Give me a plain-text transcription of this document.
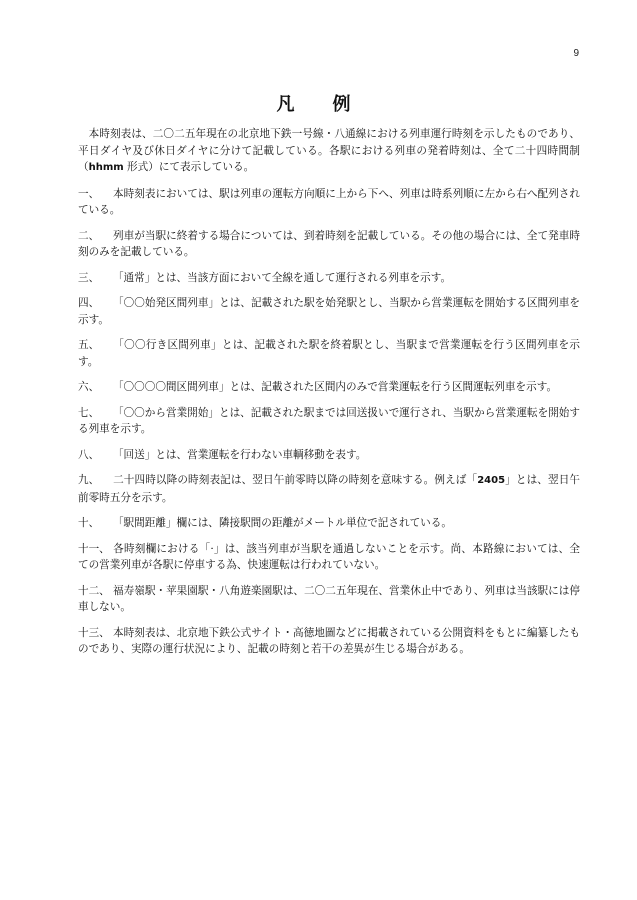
9
凡　例

本時刻表は、二〇二五年現在の北京地下鉄一号線・八通線における列車運行時刻を示したものであり、平日ダイヤ及び休日ダイヤに分けて記載している。各駅における列車の発着時刻は、全て二十四時間制（hhmm 形式）にて表示している。

一、 本時刻表においては、駅は列車の運転方向順に上から下へ、列車は時系列順に左から右へ配列されている。

二、 列車が当駅に終着する場合については、到着時刻を記載している。その他の場合には、全て発車時刻のみを記載している。

三、 「通常」とは、当該方面において全線を通して運行される列車を示す。

四、 「〇〇始発区間列車」とは、記載された駅を始発駅とし、当駅から営業運転を開始する区間列車を示す。

五、 「〇〇行き区間列車」とは、記載された駅を終着駅とし、当駅まで営業運転を行う区間列車を示す。

六、 「〇〇〇〇間区間列車」とは、記載された区間内のみで営業運転を行う区間運転列車を示す。

七、 「〇〇から営業開始」とは、記載された駅までは回送扱いで運行され、当駅から営業運転を開始する列車を示す。

八、 「回送」とは、営業運転を行わない車輌移動を表す。

九、 二十四時以降の時刻表記は、翌日午前零時以降の時刻を意味する。例えば「2405」とは、翌日午前零時五分を示す。

十、 「駅間距離」欄には、隣接駅間の距離がメートル単位で記されている。

十一、 各時刻欄における「·」は、該当列車が当駅を通過しないことを示す。尚、本路線においては、全ての営業列車が各駅に停車する為、快速運転は行われていない。

十二、 福寿嶺駅・苹果園駅・八角遊楽園駅は、二〇二五年現在、営業休止中であり、列車は当該駅には停車しない。

十三、 本時刻表は、北京地下鉄公式サイト・高徳地圖などに掲載されている公開資料をもとに編纂したものであり、実際の運行状況により、記載の時刻と若干の差異が生じる場合がある。
